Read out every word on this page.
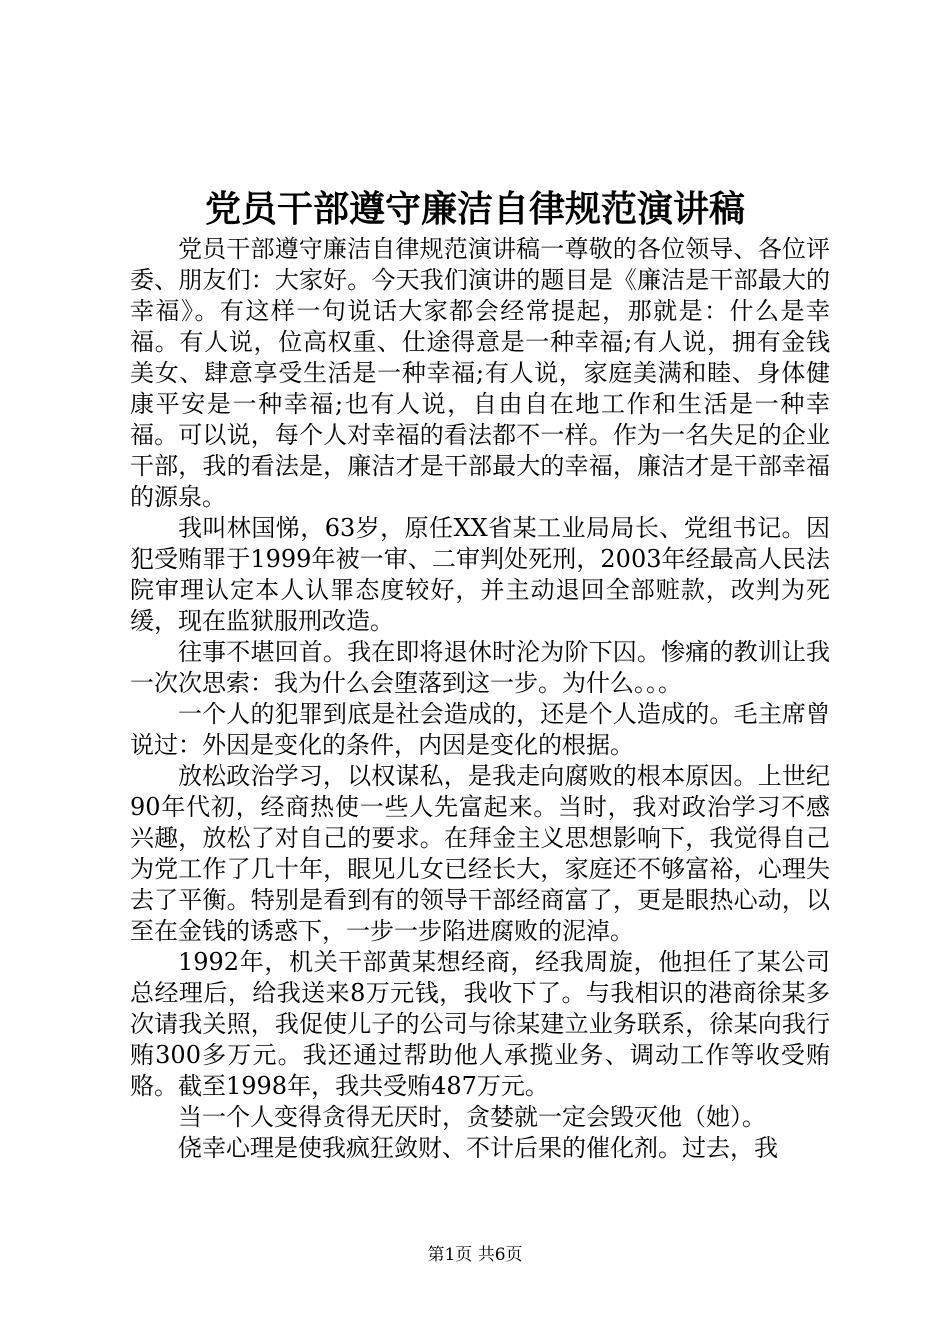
党员干部遵守廉洁自律规范演讲稿

党员干部遵守廉洁自律规范演讲稿一尊敬的各位领导、各位评委、朋友们：大家好。今天我们演讲的题目是《廉洁是干部最大的幸福》。有这样一句说话大家都会经常提起，那就是：什么是幸福。有人说，位高权重、仕途得意是一种幸福;有人说，拥有金钱美女、肆意享受生活是一种幸福;有人说，家庭美满和睦、身体健康平安是一种幸福;也有人说，自由自在地工作和生活是一种幸福。可以说，每个人对幸福的看法都不一样。作为一名失足的企业干部，我的看法是，廉洁才是干部最大的幸福，廉洁才是干部幸福的源泉。

我叫林国悌，63岁，原任XX省某工业局局长、党组书记。因犯受贿罪于1999年被一审、二审判处死刑，2003年经最高人民法院审理认定本人认罪态度较好，并主动退回全部赃款，改判为死缓，现在监狱服刑改造。

往事不堪回首。我在即将退休时沦为阶下囚。惨痛的教训让我一次次思索：我为什么会堕落到这一步。为什么。。。

一个人的犯罪到底是社会造成的，还是个人造成的。毛主席曾说过：外因是变化的条件，内因是变化的根据。

放松政治学习，以权谋私，是我走向腐败的根本原因。上世纪90年代初，经商热使一些人先富起来。当时，我对政治学习不感兴趣，放松了对自己的要求。在拜金主义思想影响下，我觉得自己为党工作了几十年，眼见儿女已经长大，家庭还不够富裕，心理失去了平衡。特别是看到有的领导干部经商富了，更是眼热心动，以至在金钱的诱惑下，一步一步陷进腐败的泥淖。

1992年，机关干部黄某想经商，经我周旋，他担任了某公司总经理后，给我送来8万元钱，我收下了。与我相识的港商徐某多次请我关照，我促使儿子的公司与徐某建立业务联系，徐某向我行贿300多万元。我还通过帮助他人承揽业务、调动工作等收受贿赂。截至1998年，我共受贿487万元。

当一个人变得贪得无厌时，贪婪就一定会毁灭他（她）。

侥幸心理是使我疯狂敛财、不计后果的催化剂。过去，我

第1页 共6页
